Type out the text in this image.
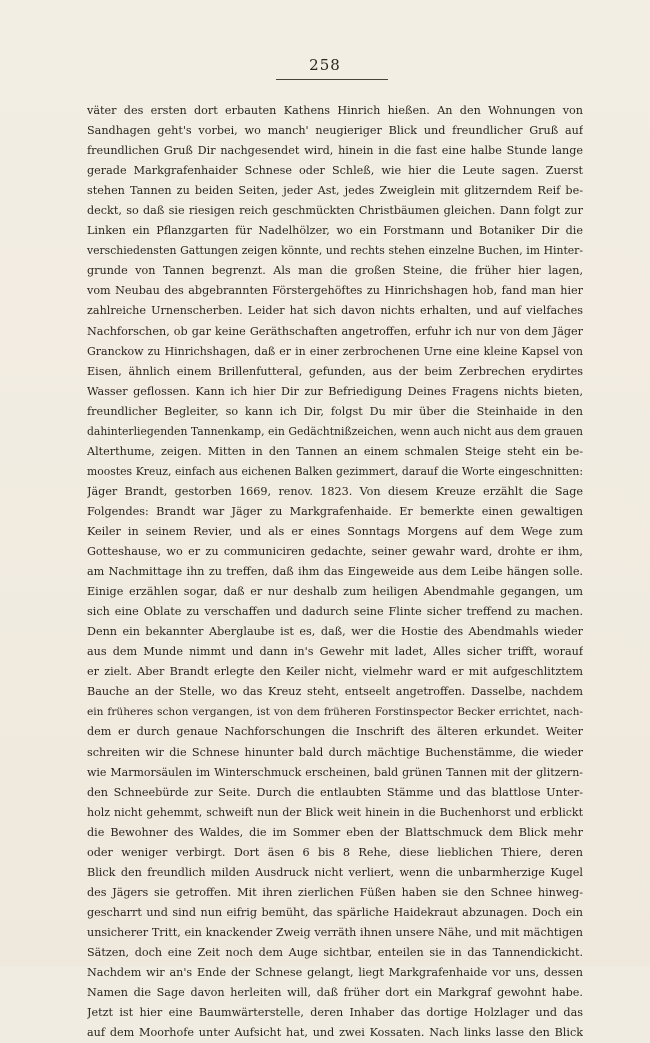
258
väter des ersten dort erbauten Kathens Hinrich hießen. An den Wohnungen von
Sandhagen geht's vorbei, wo manch' neugieriger Blick und freundlicher Gruß auf
freundlichen Gruß Dir nachgesendet wird, hinein in die fast eine halbe Stunde lange
gerade Markgrafenhaider Schnese oder Schleß, wie hier die Leute sagen. Zuerst
stehen Tannen zu beiden Seiten, jeder Ast, jedes Zweiglein mit glitzerndem Reif be-
deckt, so daß sie riesigen reich geschmückten Christbäumen gleichen. Dann folgt zur
Linken ein Pflanzgarten für Nadelhölzer, wo ein Forstmann und Botaniker Dir die
verschiedensten Gattungen zeigen könnte, und rechts stehen einzelne Buchen, im Hinter-
grunde von Tannen begrenzt. Als man die großen Steine, die früher hier lagen,
vom Neubau des abgebrannten Förstergehöftes zu Hinrichshagen hob, fand man hier
zahlreiche Urnenscherben. Leider hat sich davon nichts erhalten, und auf vielfaches
Nachforschen, ob gar keine Geräthschaften angetroffen, erfuhr ich nur von dem Jäger
Granckow zu Hinrichshagen, daß er in einer zerbrochenen Urne eine kleine Kapsel von
Eisen, ähnlich einem Brillenfutteral, gefunden, aus der beim Zerbrechen erydirtes
Wasser geflossen. Kann ich hier Dir zur Befriedigung Deines Fragens nichts bieten,
freundlicher Begleiter, so kann ich Dir, folgst Du mir über die Steinhaide in den
dahinterliegenden Tannenkamp, ein Gedächtnißzeichen, wenn auch nicht aus dem grauen
Alterthume, zeigen. Mitten in den Tannen an einem schmalen Steige steht ein be-
moostes Kreuz, einfach aus eichenen Balken gezimmert, darauf die Worte eingeschnitten:
Jäger Brandt, gestorben 1669, renov. 1823. Von diesem Kreuze erzählt die Sage
Folgendes: Brandt war Jäger zu Markgrafenhaide. Er bemerkte einen gewaltigen
Keiler in seinem Revier, und als er eines Sonntags Morgens auf dem Wege zum
Gotteshause, wo er zu communiciren gedachte, seiner gewahr ward, drohte er ihm,
am Nachmittage ihn zu treffen, daß ihm das Eingeweide aus dem Leibe hängen solle.
Einige erzählen sogar, daß er nur deshalb zum heiligen Abendmahle gegangen, um
sich eine Oblate zu verschaffen und dadurch seine Flinte sicher treffend zu machen.
Denn ein bekannter Aberglaube ist es, daß, wer die Hostie des Abendmahls wieder
aus dem Munde nimmt und dann in's Gewehr mit ladet, Alles sicher trifft, worauf
er zielt. Aber Brandt erlegte den Keiler nicht, vielmehr ward er mit aufgeschlitztem
Bauche an der Stelle, wo das Kreuz steht, entseelt angetroffen. Dasselbe, nachdem
ein früheres schon vergangen, ist von dem früheren Forstinspector Becker errichtet, nach-
dem er durch genaue Nachforschungen die Inschrift des älteren erkundet. Weiter
schreiten wir die Schnese hinunter bald durch mächtige Buchenstämme, die wieder
wie Marmorsäulen im Winterschmuck erscheinen, bald grünen Tannen mit der glitzern-
den Schneebürde zur Seite. Durch die entlaubten Stämme und das blattlose Unter-
holz nicht gehemmt, schweift nun der Blick weit hinein in die Buchenhorst und erblickt
die Bewohner des Waldes, die im Sommer eben der Blattschmuck dem Blick mehr
oder weniger verbirgt. Dort äsen 6 bis 8 Rehe, diese lieblichen Thiere, deren
Blick den freundlich milden Ausdruck nicht verliert, wenn die unbarmherzige Kugel
des Jägers sie getroffen. Mit ihren zierlichen Füßen haben sie den Schnee hinweg-
gescharrt und sind nun eifrig bemüht, das spärliche Haidekraut abzunagen. Doch ein
unsicherer Tritt, ein knackender Zweig verräth ihnen unsere Nähe, und mit mächtigen
Sätzen, doch eine Zeit noch dem Auge sichtbar, enteilen sie in das Tannendickicht.
Nachdem wir an's Ende der Schnese gelangt, liegt Markgrafenhaide vor uns, dessen
Namen die Sage davon herleiten will, daß früher dort ein Markgraf gewohnt habe.
Jetzt ist hier eine Baumwärterstelle, deren Inhaber das dortige Holzlager und das
auf dem Moorhofe unter Aufsicht hat, und zwei Kossaten. Nach links lasse den Blick
